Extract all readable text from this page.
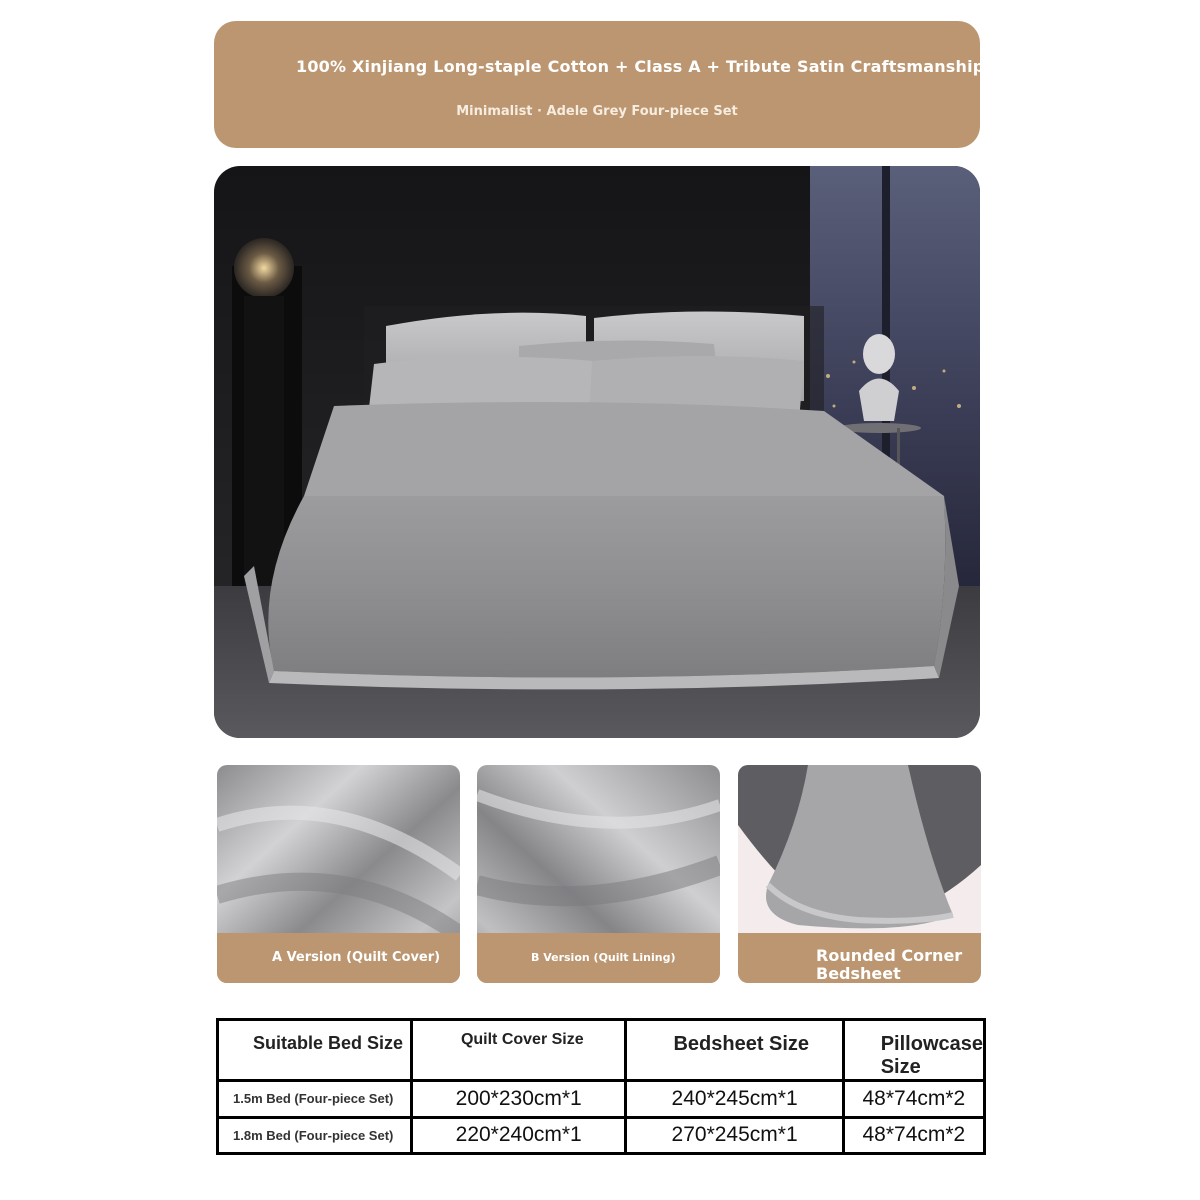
100% Xinjiang Long-staple Cotton + Class A + Tribute Satin Craftsmanship
Minimalist · Adele Grey Four-piece Set
A Version (Quilt Cover)	B Version (Quilt Lining)	Rounded Corner Bedsheet
Suitable Bed Size	Quilt Cover Size	Bedsheet Size	Pillowcase Size
1.5m Bed (Four-piece Set)	200*230cm*1	240*245cm*1	48*74cm*2
1.8m Bed (Four-piece Set)	220*240cm*1	270*245cm*1	48*74cm*2
